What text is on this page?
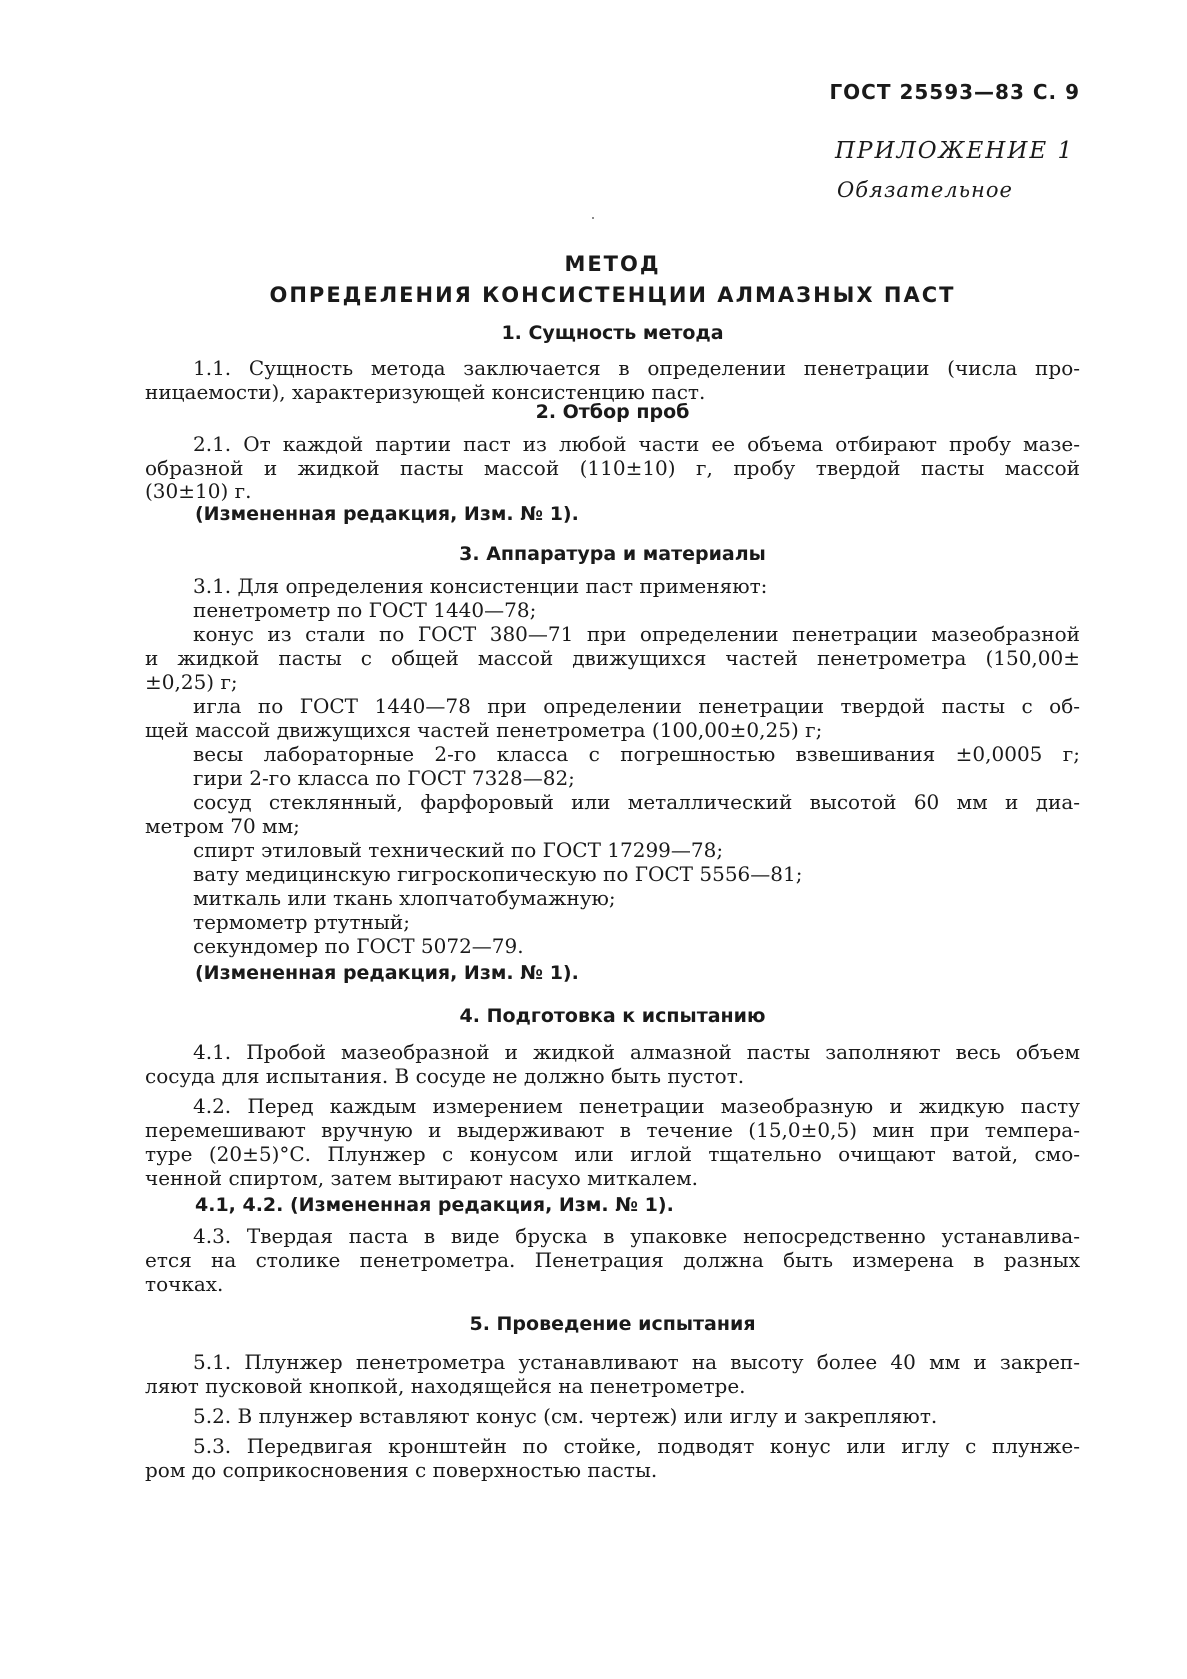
ГОСТ 25593—83 С. 9
ПРИЛОЖЕНИЕ 1
Обязательное
МЕТОД
ОПРЕДЕЛЕНИЯ КОНСИСТЕНЦИИ АЛМАЗНЫХ ПАСТ
1. Сущность метода
1.1. Сущность метода заключается в определении пенетрации (числа про-
ницаемости), характеризующей консистенцию паст.
2. Отбор проб
2.1. От каждой партии паст из любой части ее объема отбирают пробу мазе-
образной и жидкой пасты массой (110±10) г, пробу твердой пасты массой
(30±10) г.
(Измененная редакция, Изм. № 1).
3. Аппаратура и материалы
3.1. Для определения консистенции паст применяют:
пенетрометр по ГОСТ 1440—78;
конус из стали по ГОСТ 380—71 при определении пенетрации мазеобразной
и жидкой пасты с общей массой движущихся частей пенетрометра (150,00±
±0,25) г;
игла по ГОСТ 1440—78 при определении пенетрации твердой пасты с об-
щей массой движущихся частей пенетрометра (100,00±0,25) г;
весы лабораторные 2-го класса с погрешностью взвешивания ±0,0005 г;
гири 2-го класса по ГОСТ 7328—82;
сосуд стеклянный, фарфоровый или металлический высотой 60 мм и диа-
метром 70 мм;
спирт этиловый технический по ГОСТ 17299—78;
вату медицинскую гигроскопическую по ГОСТ 5556—81;
миткаль или ткань хлопчатобумажную;
термометр ртутный;
секундомер по ГОСТ 5072—79.
(Измененная редакция, Изм. № 1).
4. Подготовка к испытанию
4.1. Пробой мазеобразной и жидкой алмазной пасты заполняют весь объем
сосуда для испытания. В сосуде не должно быть пустот.
4.2. Перед каждым измерением пенетрации мазеобразную и жидкую пасту
перемешивают вручную и выдерживают в течение (15,0±0,5) мин при темпера-
туре (20±5)°С. Плунжер с конусом или иглой тщательно очищают ватой, смо-
ченной спиртом, затем вытирают насухо миткалем.
4.1, 4.2. (Измененная редакция, Изм. № 1).
4.3. Твердая паста в виде бруска в упаковке непосредственно устанавлива-
ется на столике пенетрометра. Пенетрация должна быть измерена в разных
точках.
5. Проведение испытания
5.1. Плунжер пенетрометра устанавливают на высоту более 40 мм и закреп-
ляют пусковой кнопкой, находящейся на пенетрометре.
5.2. В плунжер вставляют конус (см. чертеж) или иглу и закрепляют.
5.3. Передвигая кронштейн по стойке, подводят конус или иглу с плунже-
ром до соприкосновения с поверхностью пасты.
